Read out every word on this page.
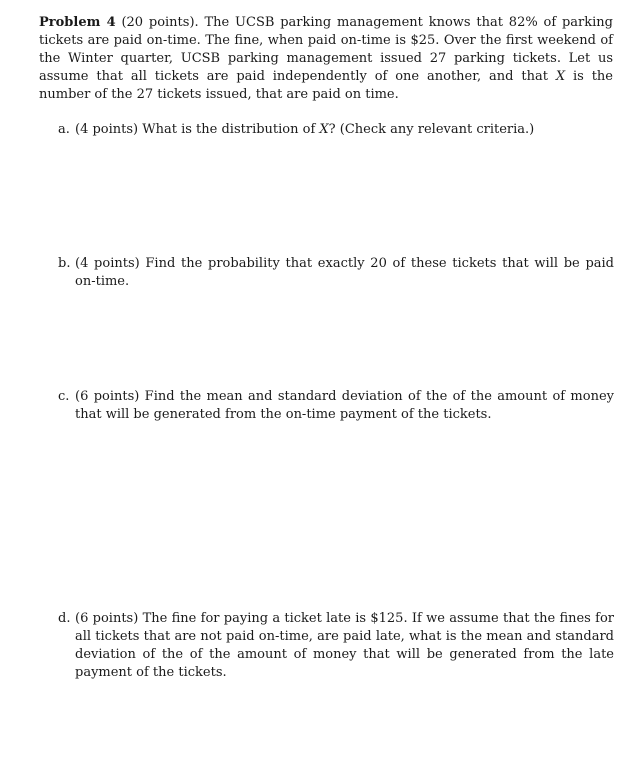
Problem 4 (20 points). The UCSB parking management knows that 82% of parking tickets are paid on-time. The fine, when paid on-time is $25. Over the first weekend of the Winter quarter, UCSB parking management issued 27 parking tickets. Let us assume that all tickets are paid independently of one another, and that X is the number of the 27 tickets issued, that are paid on time.

a. (4 points) What is the distribution of X? (Check any relevant criteria.)

b. (4 points) Find the probability that exactly 20 of these tickets that will be paid on-time.

c. (6 points) Find the mean and standard deviation of the of the amount of money that will be generated from the on-time payment of the tickets.

d. (6 points) The fine for paying a ticket late is $125. If we assume that the fines for all tickets that are not paid on-time, are paid late, what is the mean and standard deviation of the of the amount of money that will be generated from the late payment of the tickets.
